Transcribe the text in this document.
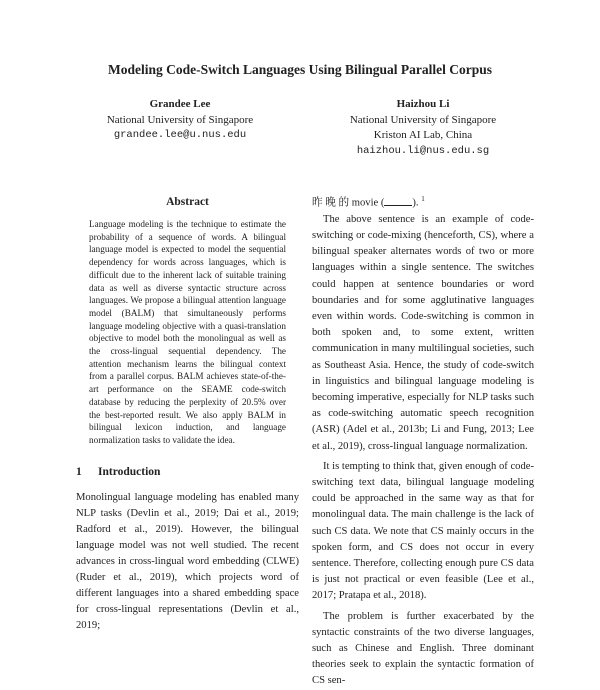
Modeling Code-Switch Languages Using Bilingual Parallel Corpus
Grandee Lee
National University of Singapore
grandee.lee@u.nus.edu
Haizhou Li
National University of Singapore
Kriston AI Lab, China
haizhou.li@nus.edu.sg
Abstract
Language modeling is the technique to estimate the probability of a sequence of words. A bilingual language model is expected to model the sequential dependency for words across languages, which is difficult due to the inherent lack of suitable training data as well as diverse syntactic structure across languages. We propose a bilingual attention language model (BALM) that simultaneously performs language modeling objective with a quasi-translation objective to model both the monolingual as well as the cross-lingual sequential dependency. The attention mechanism learns the bilingual context from a parallel corpus. BALM achieves state-of-the-art performance on the SEAME code-switch database by reducing the perplexity of 20.5% over the best-reported result. We also apply BALM in bilingual lexicon induction, and language normalization tasks to validate the idea.
1 Introduction
Monolingual language modeling has enabled many NLP tasks (Devlin et al., 2019; Dai et al., 2019; Radford et al., 2019). However, the bilingual language model was not well studied. The recent advances in cross-lingual word embedding (CLWE) (Ruder et al., 2019), which projects word of different languages into a shared embedding space for cross-lingual representations (Devlin et al., 2019;

昨 晚 的 movie (	). $^1$

The above sentence is an example of code-switching or code-mixing (henceforth, CS), where a bilingual speaker alternates words of two or more languages within a single sentence. The switches could happen at sentence boundaries or word boundaries and for some agglutinative languages even within words. Code-switching is common in both spoken and, to some extent, written communication in many multilingual societies, such as Southeast Asia. Hence, the study of code-switch in linguistics and bilingual language modeling is becoming imperative, especially for NLP tasks such as code-switching automatic speech recognition (ASR) (Adel et al., 2013b; Li and Fung, 2013; Lee et al., 2019), cross-lingual language normalization.

It is tempting to think that, given enough of code-switching text data, bilingual language modeling could be approached in the same way as that for monolingual data. The main challenge is the lack of such CS data. We note that CS mainly occurs in the spoken form, and CS does not occur in every sentence. Therefore, collecting enough pure CS data is just not practical or even feasible (Lee et al., 2017; Pratapa et al., 2018).

The problem is further exacerbated by the syntactic constraints of the two diverse languages, such as Chinese and English. Three dominant theories seek to explain the syntactic formation of CS sen-
